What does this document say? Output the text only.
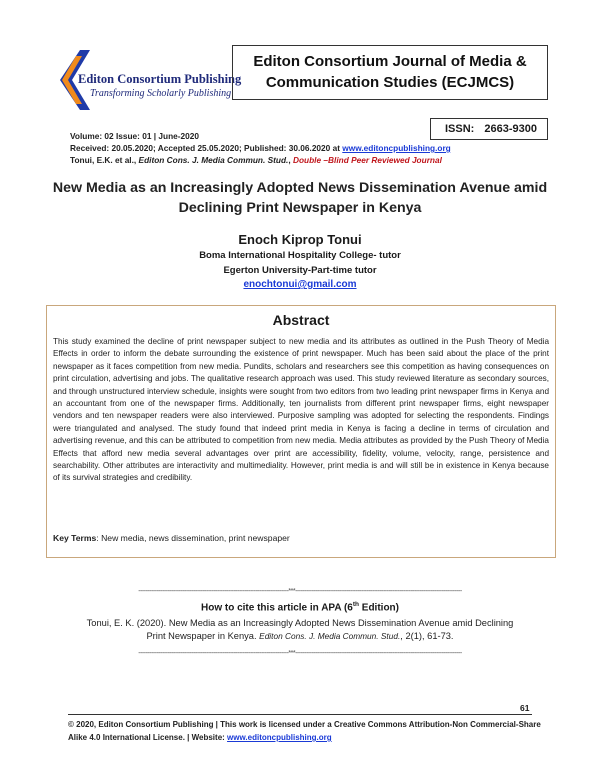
Editon Consortium Publishing
Transforming Scholarly Publishing
Editon Consortium Journal of Media &
Communication Studies (ECJMCS)
ISSN: 2663-9300
Volume: 02 Issue: 01 | June-2020
Received: 20.05.2020; Accepted 25.05.2020; Published: 30.06.2020 at www.editoncpublishing.org
Tonui, E.K. et al., Editon Cons. J. Media Commun. Stud., Double –Blind Peer Reviewed Journal
New Media as an Increasingly Adopted News Dissemination Avenue amid Declining Print Newspaper in Kenya
Enoch Kiprop Tonui
Boma International Hospitality College- tutor
Egerton University-Part-time tutor
enochtonui@gmail.com
Abstract
This study examined the decline of print newspaper subject to new media and its attributes as outlined in the Push Theory of Media Effects in order to inform the debate surrounding the existence of print newspaper. Much has been said about the place of the print newspaper as it faces competition from new media. Pundits, scholars and researchers see this competition as having consequences on print circulation, advertising and jobs. The qualitative research approach was used. This study reviewed literature as secondary sources, and through unstructured interview schedule, insights were sought from two editors from two leading print newspaper firms in Kenya and an accountant from one of the newspaper firms. Additionally, ten journalists from different print newspaper firms, eight newspaper vendors and ten newspaper readers were also interviewed. Purposive sampling was adopted for selecting the respondents. Findings were triangulated and analysed. The study found that indeed print media in Kenya is facing a decline in terms of circulation and advertising revenue, and this can be attributed to competition from new media. Media attributes as provided by the Push Theory of Media Effects that afford new media several advantages over print are accessibility, fidelity, volume, velocity, range, persistence and searchability. Other attributes are interactivity and multimediality. However, print media is and will still be in existence in Kenya because of its survival strategies and credibility.
Key Terms: New media, news dissemination, print newspaper
----------------------------------------------------------------------------------***-------------------------------------------------------------------------------------------
How to cite this article in APA (6th Edition)
Tonui, E. K. (2020). New Media as an Increasingly Adopted News Dissemination Avenue amid Declining Print Newspaper in Kenya. Editon Cons. J. Media Commun. Stud., 2(1), 61-73.
----------------------------------------------------------------------------------***-------------------------------------------------------------------------------------------
61
© 2020, Editon Consortium Publishing | This work is licensed under a Creative Commons Attribution-Non Commercial-Share Alike 4.0 International License. | Website: www.editoncpublishing.org
